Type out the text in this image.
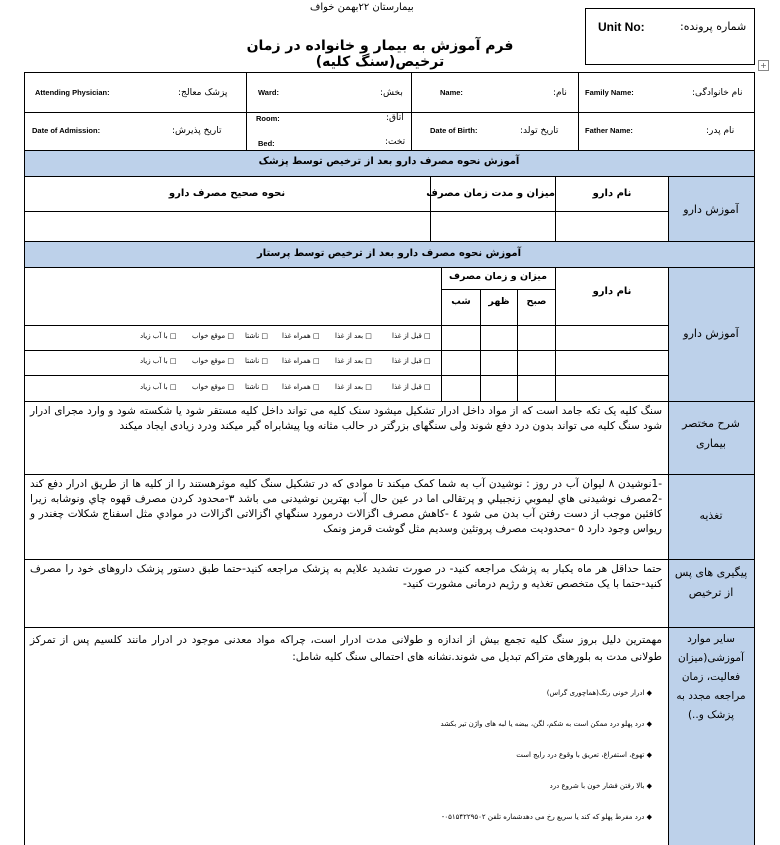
بیمارستان ۲۲بهمن خواف
فرم آموزش به بیمار و خانواده در زمان ترخیص(سنگ کلیه)
Unit No:	شماره پرونده:
+
نام خانوادگی:
Family Name:
نام:
Name:
بخش:
Ward:
پزشک معالج:
Attending Physician:
نام پدر:
Father Name:
تاریخ تولد:
Date of Birth:
اتاق:
Room:
تخت:
Bed:
تاریخ پذیرش:
Date of Admission:
آموزش نحوه مصرف دارو بعد از ترخیص توسط پزشک
آموزش دارو
نام دارو
میزان و مدت زمان مصرف
نحوه صحیح مصرف دارو
آموزش نحوه مصرف دارو بعد از ترخیص توسط پرستار
آموزش دارو
نام دارو
میزان و زمان مصرف
صبح
ظهر
شب
□ قبل از غذا
□ بعد از غذا
□ همراه غذا
□ ناشتا
□ موقع خواب
□ با آب زیاد
□ قبل از غذا
□ بعد از غذا
□ همراه غذا
□ ناشتا
□ موقع خواب
□ با آب زیاد
□ قبل از غذا
□ بعد از غذا
□ همراه غذا
□ ناشتا
□ موقع خواب
□ با آب زیاد
شرح مختصر بیماری
سنگ کلیه یک تکه جامد است که از مواد داخل ادرار تشکیل میشود سنک کلیه می تواند داخل کلیه مستقر شود یا شکسته شود و وارد مجرای ادرار شود سنگ کلیه می تواند بدون درد دفع شوند ولی سنگهای بزرگتر در حالب مثانه ویا پیشابراه گیر میکند ودرد زیادی ایجاد میکند
تغذیه
-1نوشیدن ۸ لیوان آب در روز : نوشیدن آب به شما کمک میکند تا موادی که در تشکیل سنگ کلیه موثرهستند را از کلیه ها از طریق ادرار دفع کند -2مصرف نوشیدنی هاي ليموبي زنجبيلي و پرتقالی اما در عین حال آب بهترين نوشيدنی می باشد ٣-محدود کردن مصرف قهوه چاي ونوشابه زيرا کافئين موجب از دست رفتن آب بدن می شود ٤ -کاهش مصرف اگزالات درمورد سنگهاي اگزالاتی اگزالات در موادي مثل اسفناج شکلات چغندر و ريواس وجود دارد ٥ -محدوديت مصرف پروتئين وسديم مثل گوشت قرمز ونمک
پیگیری های پس از ترخیص
حتما حداقل هر ماه یکبار به پزشک مراجعه کنید- در صورت تشدید علایم به پزشک مراجعه کنید-حتما طبق دستور پزشک داروهای خود را مصرف کنید-حتما با یک متخصص تغذیه و رژیم درمانی مشورت کنید-
سایر موارد آموزشی(میزان فعالیت، زمان مراجعه مجدد به پزشک و..)
مهمترین دلیل بروز سنگ کلیه تجمع بیش از اندازه و طولانی مدت ادرار است، چراکه مواد معدنی موجود در ادرار مانند کلسیم پس از تمرکز طولانی مدت به بلورهای متراکم تبدیل می شوند.نشانه های احتمالی سنگ کلیه شامل:
◆ ادرار خونی رنگ(هماچوری گراس)
◆ درد پهلو درد ممکن است به شکم، لگن، بیضه یا لبه های واژن تیر بکشد
◆ تهوع، استفراغ، تعریق با وقوع درد رایج است
◆ بالا رفتن فشار خون با شروع درد
◆ درد مفرط پهلو که کند یا سریع رخ می دهدشماره تلفن ۰۵۱۵۴۲۲۹۵۰۲-
